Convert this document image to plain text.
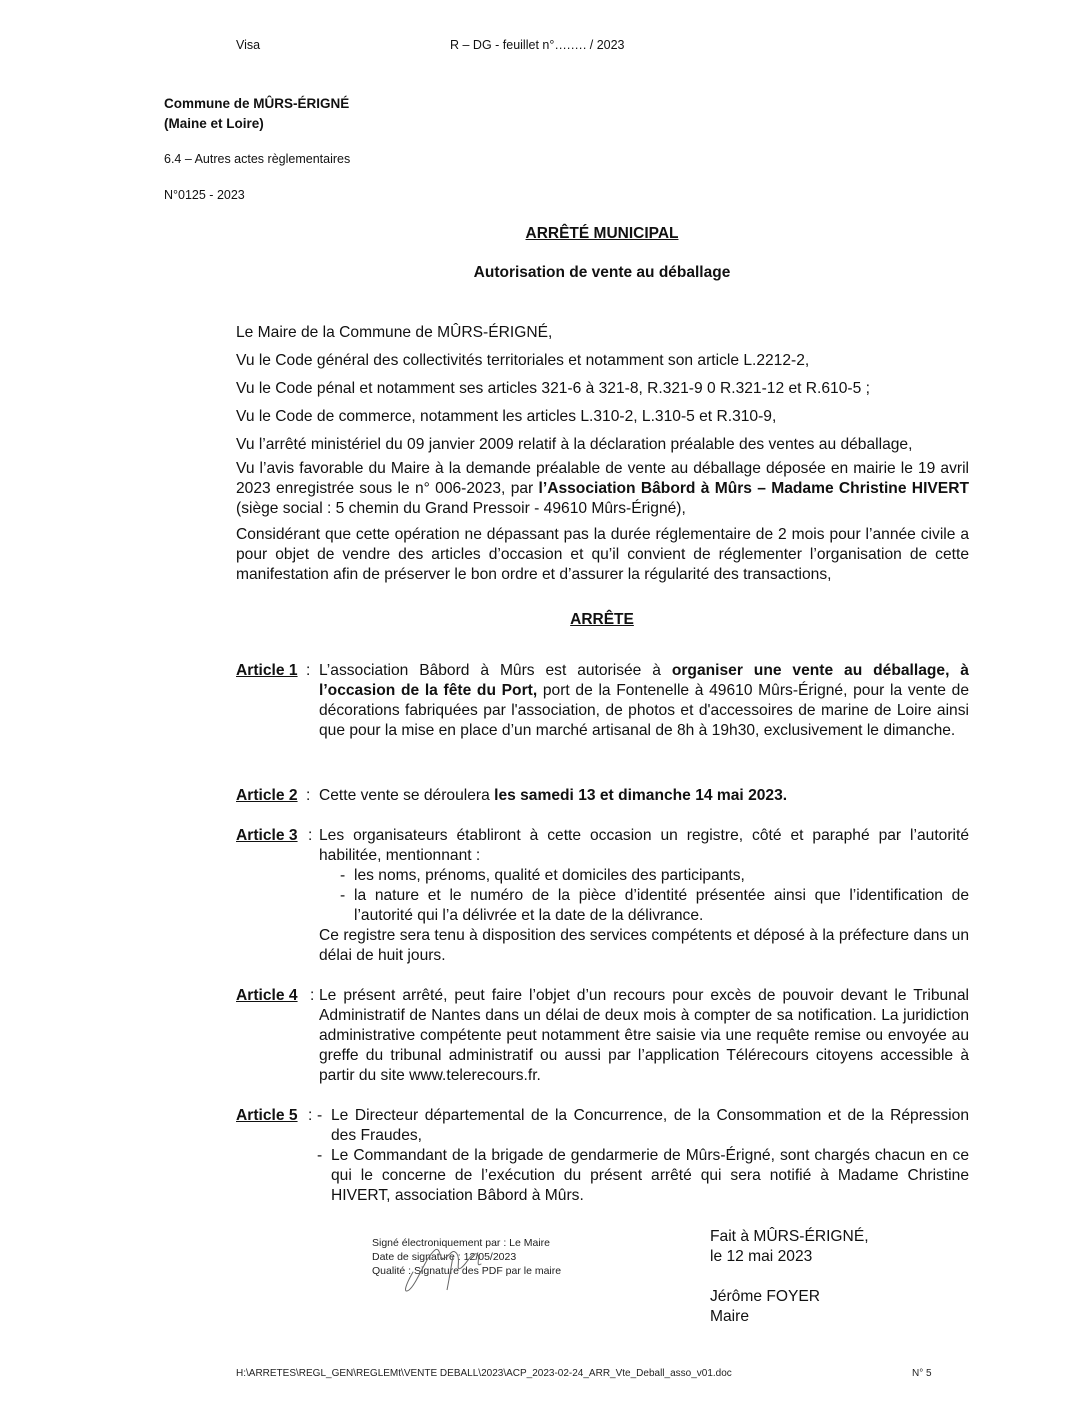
Visa	R – DG - feuillet n°….…. / 2023
Commune de MÛRS-ÉRIGNÉ
(Maine et Loire)
6.4 – Autres actes règlementaires
N°0125 - 2023
ARRÊTÉ MUNICIPAL
Autorisation de vente au déballage
Le Maire de la Commune de MÛRS-ÉRIGNÉ,
Vu le Code général des collectivités territoriales et notamment son article L.2212-2,
Vu le Code pénal et notamment ses articles 321-6 à 321-8, R.321-9 0 R.321-12 et R.610-5 ;
Vu le Code de commerce, notamment les articles L.310-2, L.310-5 et R.310-9,
Vu l’arrêté ministériel du 09 janvier 2009 relatif à la déclaration préalable des ventes au déballage,
Vu l’avis favorable du Maire à la demande préalable de vente au déballage déposée en mairie le 19 avril 2023 enregistrée sous le n° 006-2023, par l’Association Bâbord à Mûrs – Madame Christine HIVERT (siège social : 5 chemin du Grand Pressoir - 49610 Mûrs-Érigné),
Considérant que cette opération ne dépassant pas la durée réglementaire de 2 mois pour l’année civile a pour objet de vendre des articles d’occasion et qu’il convient de réglementer l’organisation de cette manifestation afin de préserver le bon ordre et d’assurer la régularité des transactions,
ARRÊTE
Article 1 : L’association Bâbord à Mûrs est autorisée à organiser une vente au déballage, à l’occasion de la fête du Port, port de la Fontenelle à 49610 Mûrs-Érigné, pour la vente de décorations fabriquées par l'association, de photos et d'accessoires de marine de Loire ainsi que pour la mise en place d’un marché artisanal de 8h à 19h30, exclusivement le dimanche.
Article 2 : Cette vente se déroulera les samedi 13 et dimanche 14 mai 2023.
Article 3 : Les organisateurs établiront à cette occasion un registre, côté et paraphé par l’autorité habilitée, mentionnant :
- les noms, prénoms, qualité et domiciles des participants,
- la nature et le numéro de la pièce d’identité présentée ainsi que l’identification de l’autorité qui l’a délivrée et la date de la délivrance.
Ce registre sera tenu à disposition des services compétents et déposé à la préfecture dans un délai de huit jours.
Article 4 : Le présent arrêté, peut faire l’objet d’un recours pour excès de pouvoir devant le Tribunal Administratif de Nantes dans un délai de deux mois à compter de sa notification. La juridiction administrative compétente peut notamment être saisie via une requête remise ou envoyée au greffe du tribunal administratif ou aussi par l’application Télérecours citoyens accessible à partir du site www.telerecours.fr.
Article 5 : - Le Directeur départemental de la Concurrence, de la Consommation et de la Répression des Fraudes,
- Le Commandant de la brigade de gendarmerie de Mûrs-Érigné, sont chargés chacun en ce qui le concerne de l’exécution du présent arrêté qui sera notifié à Madame Christine HIVERT, association Bâbord à Mûrs.
Signé électroniquement par : Le Maire
Date de signature : 12/05/2023
Qualité : Signature des PDF par le maire
Fait à MÛRS-ÉRIGNÉ,
le 12 mai 2023
Jérôme FOYER
Maire
H:\ARRETES\REGL_GEN\REGLEMt\VENTE DEBALL\2023\ACP_2023-02-24_ARR_Vte_Deball_asso_v01.doc	N° 5
